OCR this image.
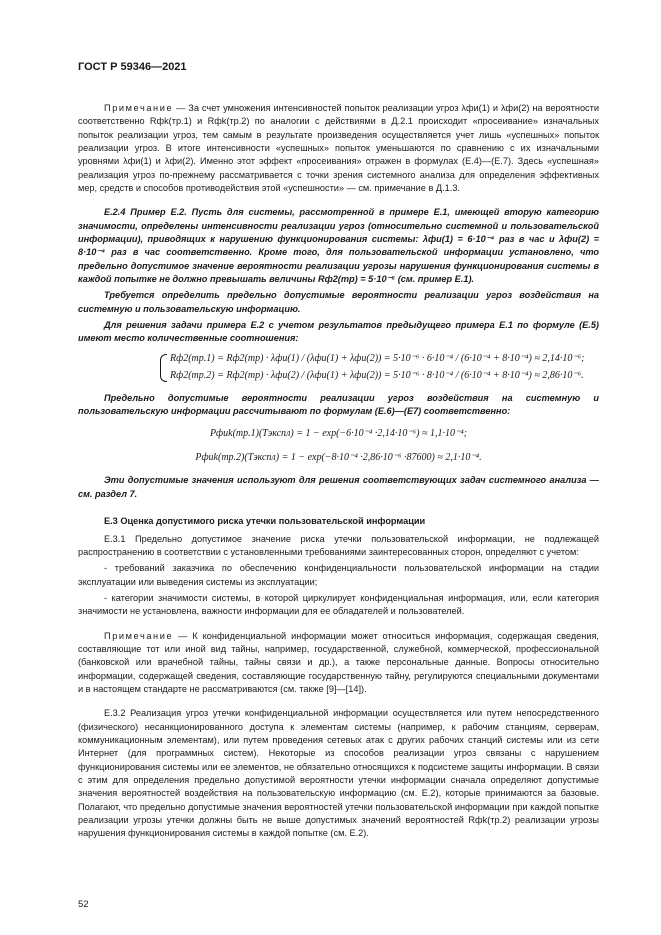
ГОСТ Р 59346—2021

Примечание — За счет умножения интенсивностей попыток реализации угроз λфи(1) и λфи(2) на вероятности соответственно Rфk(тр.1) и Rфk(тр.2) по аналогии с действиями в Д.2.1 происходит «просеивание» изначальных попыток реализации угроз, тем самым в результате произведения осуществляется учет лишь «успешных» попыток реализации угроз. В итоге интенсивности «успешных» попыток уменьшаются по сравнению с их изначальными уровнями λфи(1) и λфи(2). Именно этот эффект «просеивания» отражен в формулах (Е.4)—(Е.7). Здесь «успешная» реализация угроз по-прежнему рассматривается с точки зрения системного анализа для определения эффективных мер, средств и способов противодействия этой «успешности» — см. примечание в Д.1.3.

Е.2.4 Пример Е.2. Пусть для системы, рассмотренной в примере Е.1, имеющей вторую категорию значимости, определены интенсивности реализации угроз (относительно системной и пользовательской информации), приводящих к нарушению функционирования системы: λфи(1) = 6·10⁻⁴ раз в час и λфи(2) = 8·10⁻⁴ раз в час соответственно. Кроме того, для пользовательской информации установлено, что предельно допустимое значение вероятности реализации угрозы нарушения функционирования системы в каждой попытке не должно превышать величины Rф2(тр) = 5·10⁻⁶ (см. пример Е.1).

Требуется определить предельно допустимые вероятности реализации угроз воздействия на системную и пользовательскую информацию.

Для решения задачи примера Е.2 с учетом результатов предыдущего примера Е.1 по формуле (Е.5) имеют место количественные соотношения:

Rф2(тр.1) = Rф2(тр) · λфи(1) / (λфи(1) + λфи(2)) = 5·10⁻⁶ · 6·10⁻⁴ / (6·10⁻⁴ + 8·10⁻⁴) ≈ 2,14·10⁻⁶;
Rф2(тр.2) = Rф2(тр) · λфи(2) / (λфи(1) + λфи(2)) = 5·10⁻⁶ · 8·10⁻⁴ / (6·10⁻⁴ + 8·10⁻⁴) ≈ 2,86·10⁻⁶.

Предельно допустимые вероятности реализации угроз воздействия на системную и пользовательскую информации рассчитывают по формулам (Е.6)—(Е7) соответственно:

Pфиk(тр.1)(Tэкспл) = 1 − exp(−6·10⁻⁴ ·2,14·10⁻⁶) ≈ 1,1·10⁻⁴;
Pфиk(тр.2)(Tэкспл) = 1 − exp(−8·10⁻⁴ ·2,86·10⁻⁶ ·87600) ≈ 2,1·10⁻⁴.

Эти допустимые значения используют для решения соответствующих задач системного анализа — см. раздел 7.

Е.3 Оценка допустимого риска утечки пользовательской информации

Е.3.1 Предельно допустимое значение риска утечки пользовательской информации, не подлежащей распространению в соответствии с установленными требованиями заинтересованных сторон, определяют с учетом:

- требований заказчика по обеспечению конфиденциальности пользовательской информации на стадии эксплуатации или выведения системы из эксплуатации;

- категории значимости системы, в которой циркулирует конфиденциальная информация, или, если категория значимости не установлена, важности информации для ее обладателей и пользователей.

Примечание — К конфиденциальной информации может относиться информация, содержащая сведения, составляющие тот или иной вид тайны, например, государственной, служебной, коммерческой, профессиональной (банковской или врачебной тайны, тайны связи и др.), а также персональные данные. Вопросы относительно информации, содержащей сведения, составляющие государственную тайну, регулируются специальными документами и в настоящем стандарте не рассматриваются (см. также [9]—[14]).

Е.3.2 Реализация угроз утечки конфиденциальной информации осуществляется или путем непосредственного (физического) несанкционированного доступа к элементам системы (например, к рабочим станциям, серверам, коммуникационным элементам), или путем проведения сетевых атак с других рабочих станций системы или из сети Интернет (для программных систем). Некоторые из способов реализации угроз связаны с нарушением функционирования системы или ее элементов, не обязательно относящихся к подсистеме защиты информации. В связи с этим для определения предельно допустимой вероятности утечки информации сначала определяют допустимые значения вероятностей воздействия на пользовательскую информацию (см. Е.2), которые принимаются за базовые. Полагают, что предельно допустимые значения вероятностей утечки пользовательской информации при каждой попытке реализации угрозы утечки должны быть не выше допустимых значений вероятностей Rфk(тр.2) реализации угрозы нарушения функционирования системы в каждой попытке (см. Е.2).

52
